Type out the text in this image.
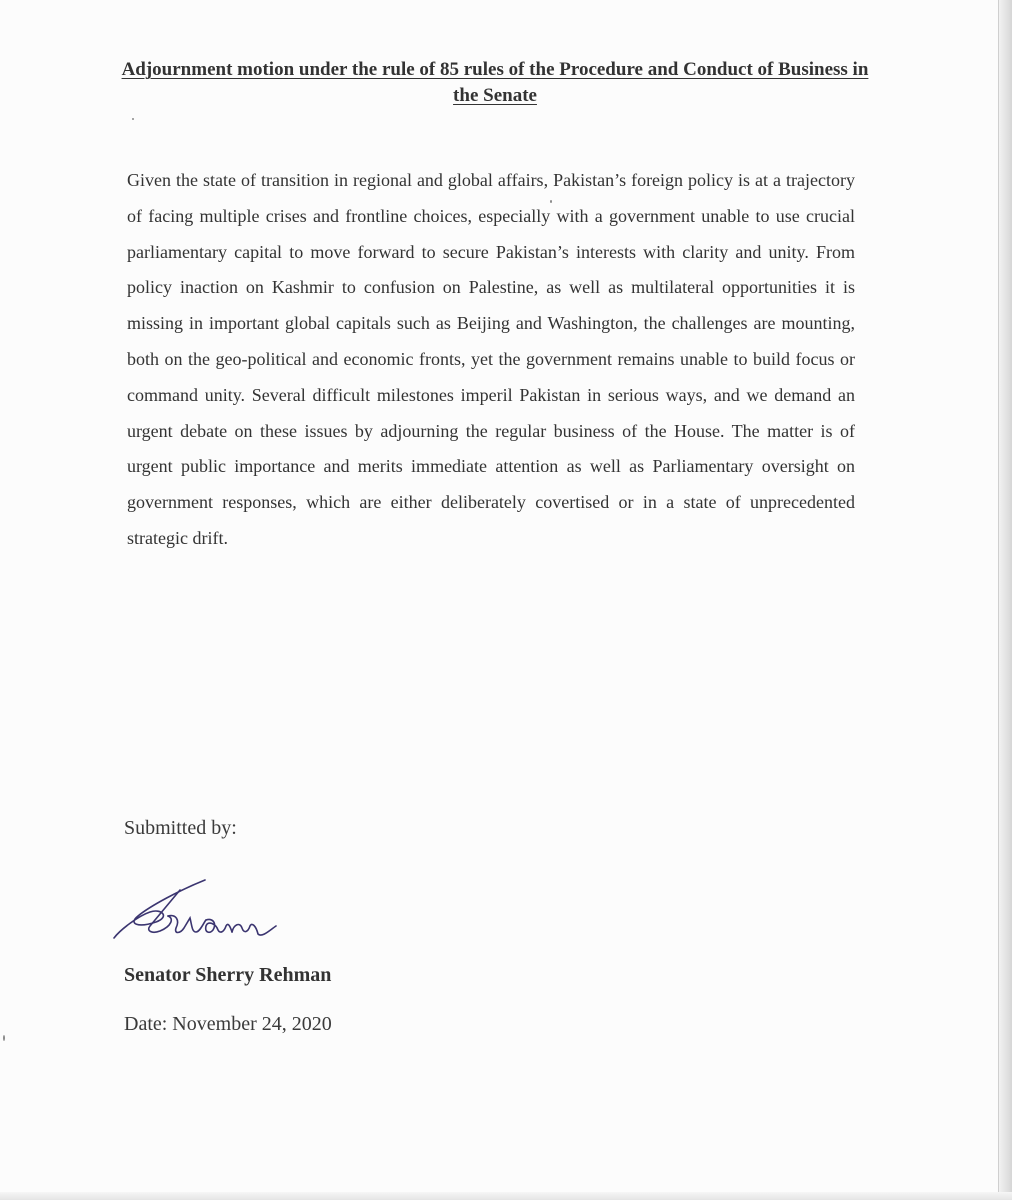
Adjournment motion under the rule of 85 rules of the Procedure and Conduct of Business in the Senate

Given the state of transition in regional and global affairs, Pakistan’s foreign policy is at a trajectory of facing multiple crises and frontline choices, especially with a government unable to use crucial parliamentary capital to move forward to secure Pakistan’s interests with clarity and unity. From policy inaction on Kashmir to confusion on Palestine, as well as multilateral opportunities it is missing in important global capitals such as Beijing and Washington, the challenges are mounting, both on the geo-political and economic fronts, yet the government remains unable to build focus or command unity. Several difficult milestones imperil Pakistan in serious ways, and we demand an urgent debate on these issues by adjourning the regular business of the House. The matter is of urgent public importance and merits immediate attention as well as Parliamentary oversight on government responses, which are either deliberately covertised or in a state of unprecedented strategic drift.

Submitted by:

Senator Sherry Rehman

Date: November 24, 2020
